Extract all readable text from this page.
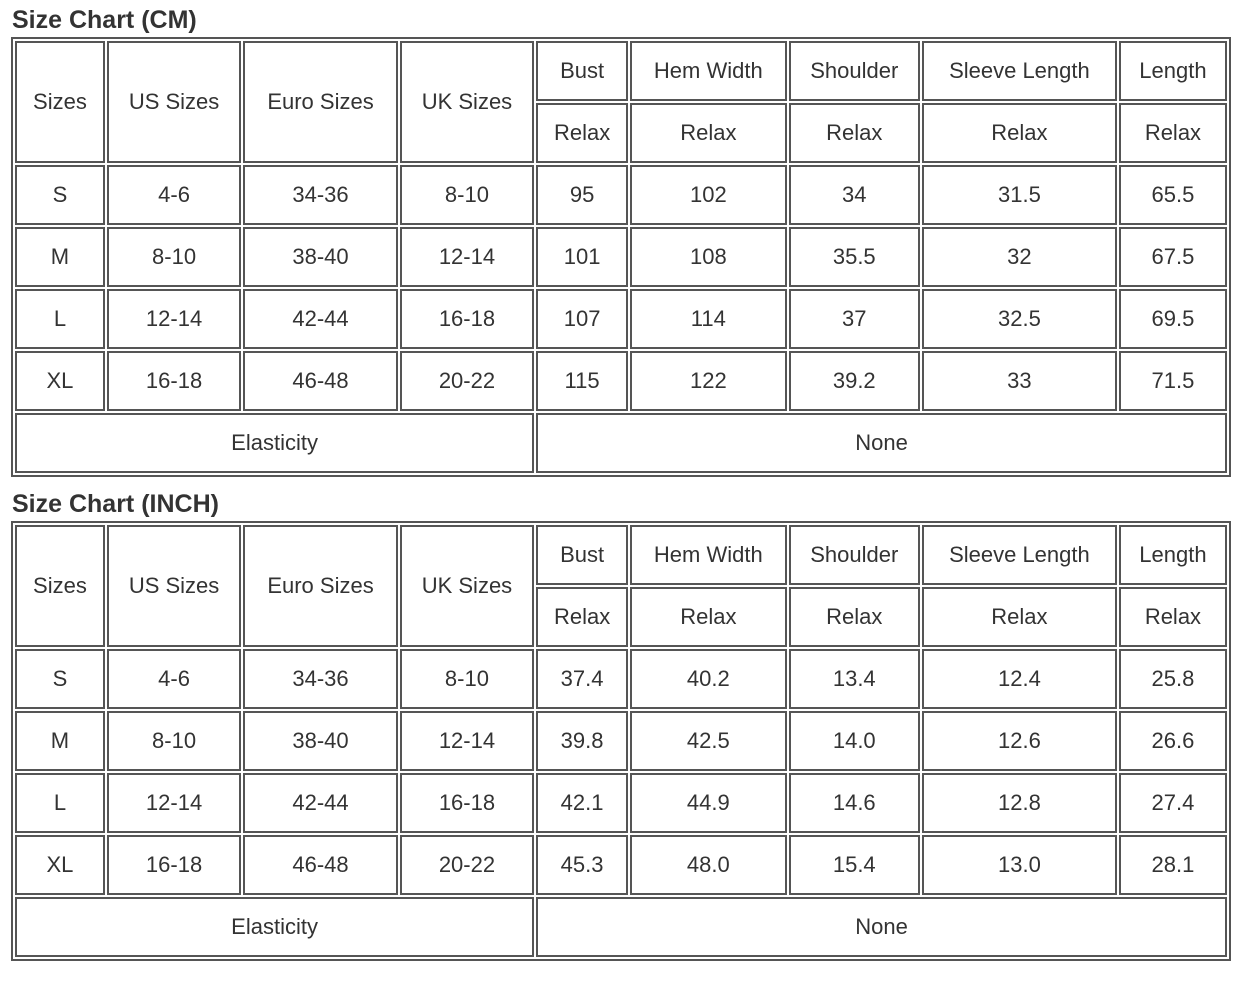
Size Chart (CM)
Sizes	US Sizes	Euro Sizes	UK Sizes	Bust	Hem Width	Shoulder	Sleeve Length	Length
				Relax	Relax	Relax	Relax	Relax
S	4-6	34-36	8-10	95	102	34	31.5	65.5
M	8-10	38-40	12-14	101	108	35.5	32	67.5
L	12-14	42-44	16-18	107	114	37	32.5	69.5
XL	16-18	46-48	20-22	115	122	39.2	33	71.5
Elasticity				None				
Size Chart (INCH)
Sizes	US Sizes	Euro Sizes	UK Sizes	Bust	Hem Width	Shoulder	Sleeve Length	Length
				Relax	Relax	Relax	Relax	Relax
S	4-6	34-36	8-10	37.4	40.2	13.4	12.4	25.8
M	8-10	38-40	12-14	39.8	42.5	14.0	12.6	26.6
L	12-14	42-44	16-18	42.1	44.9	14.6	12.8	27.4
XL	16-18	46-48	20-22	45.3	48.0	15.4	13.0	28.1
Elasticity				None				
